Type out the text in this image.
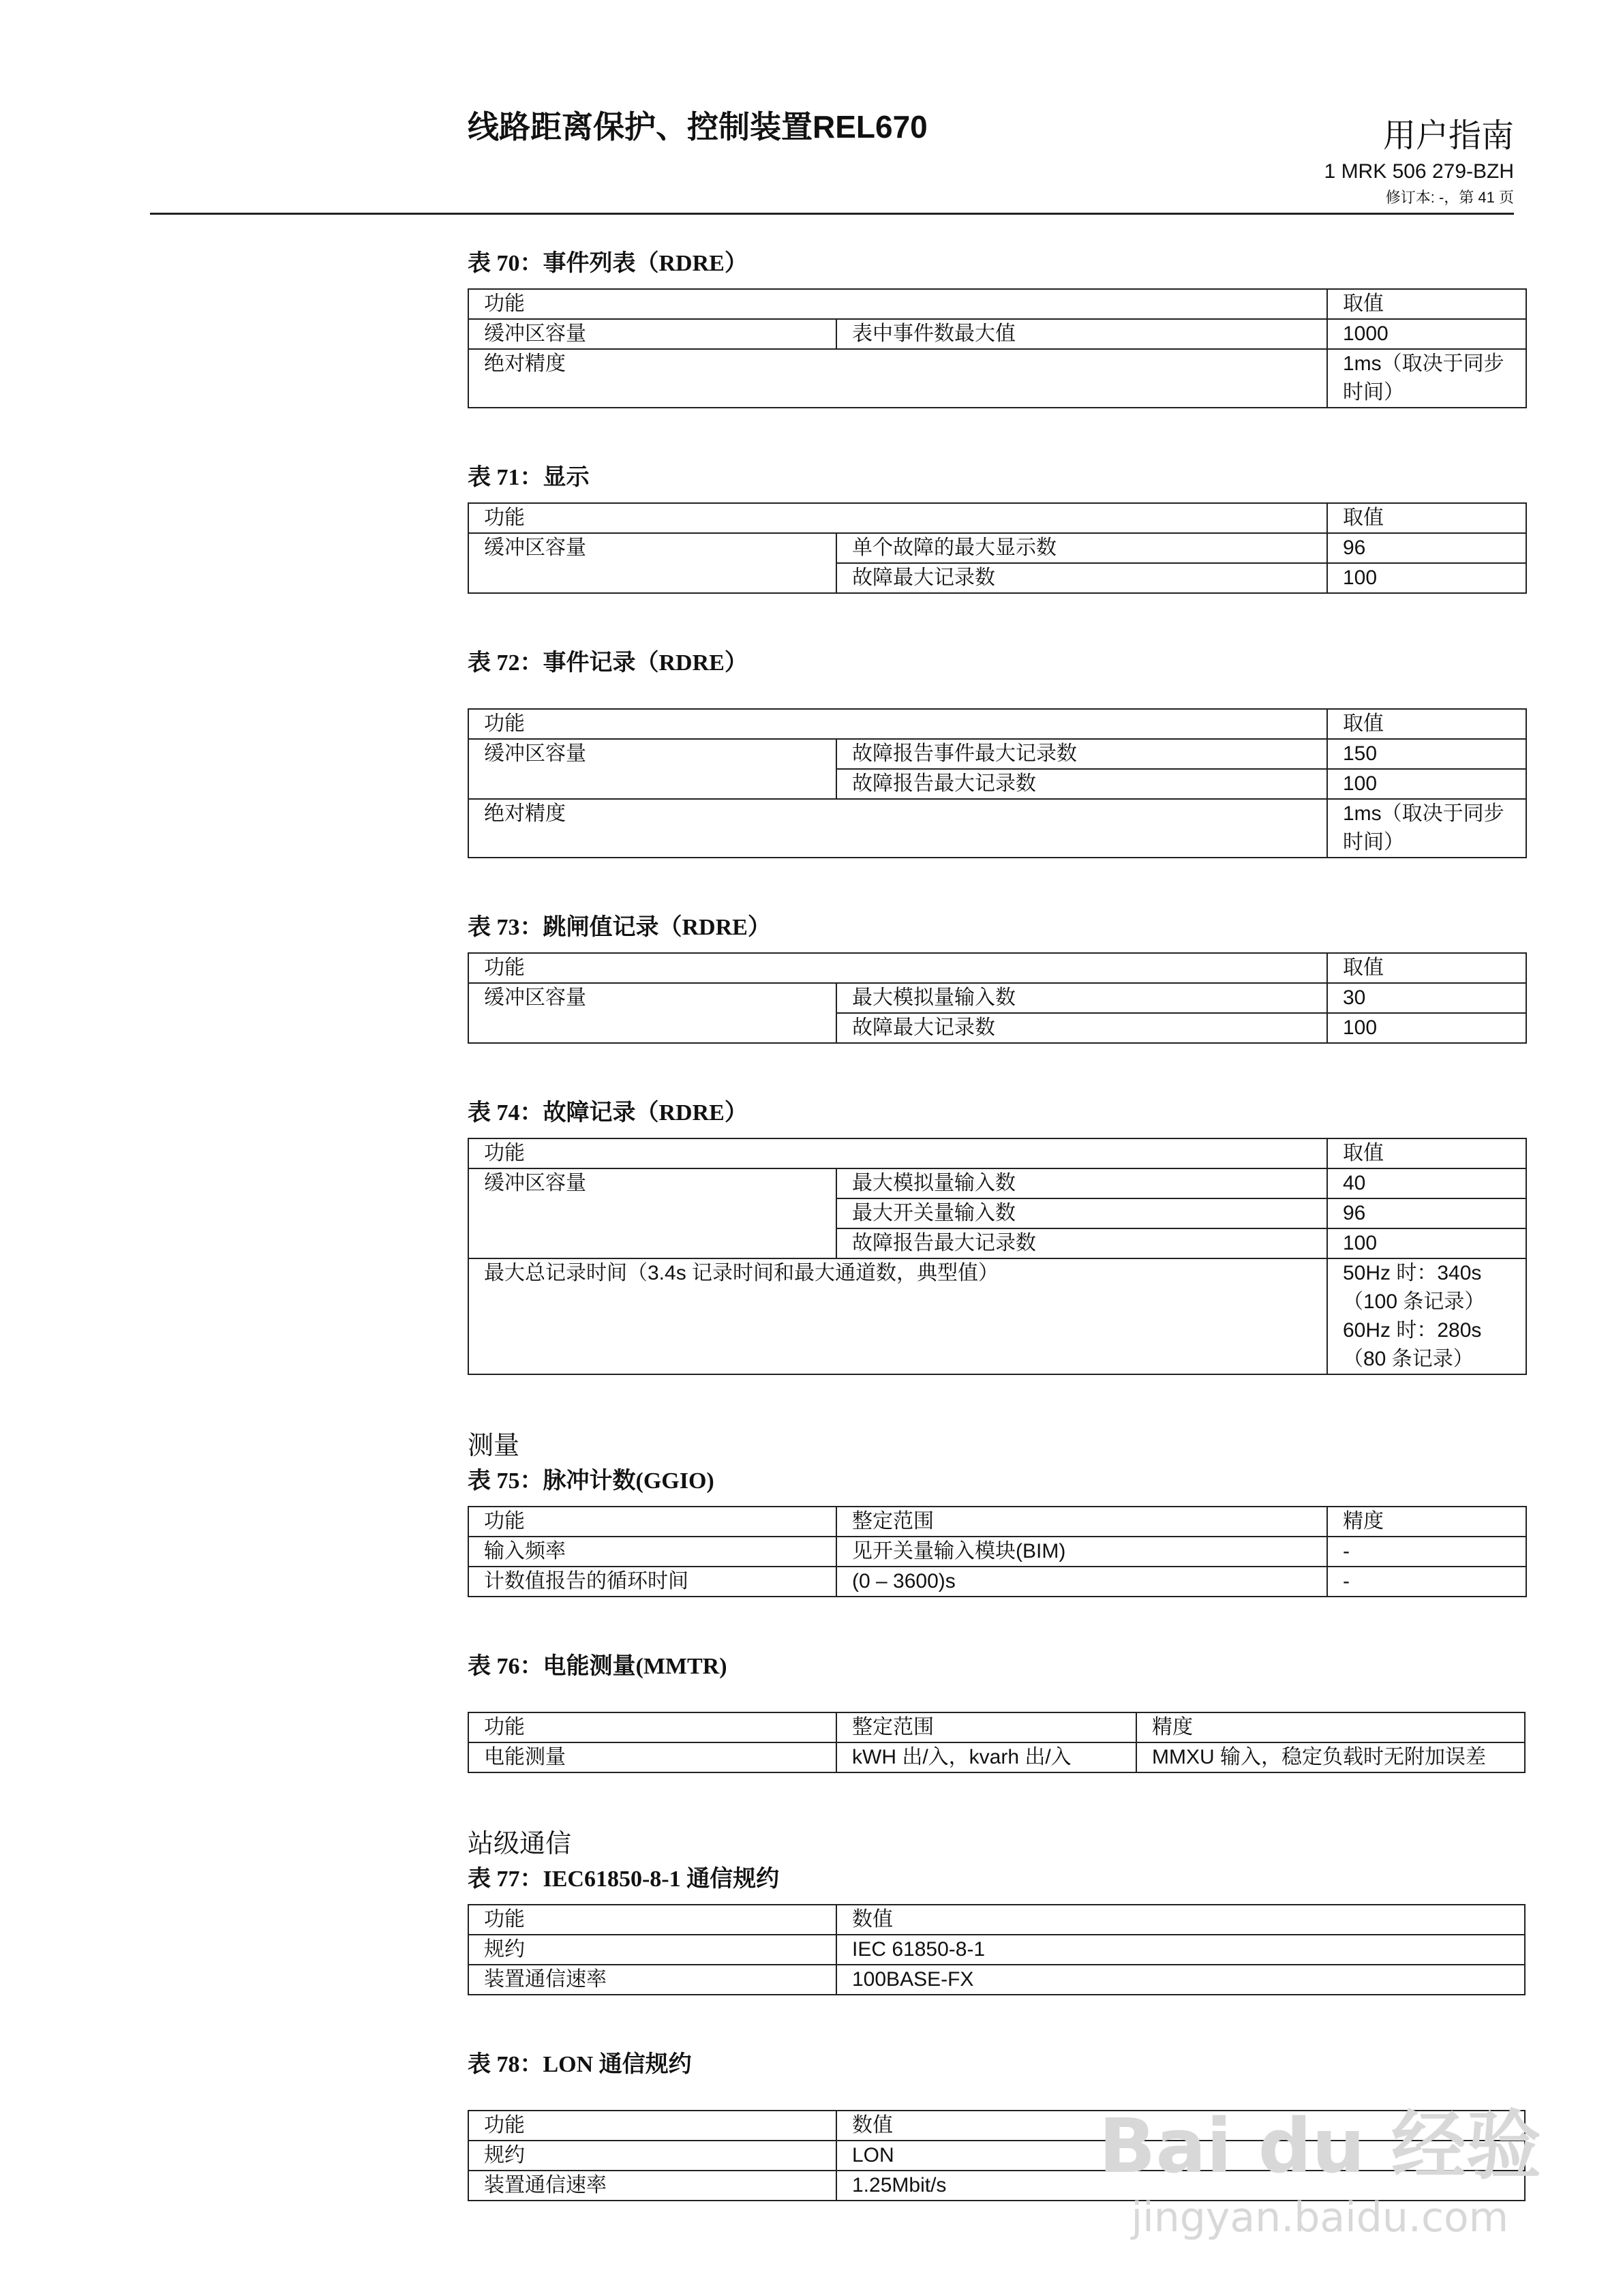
线路距离保护、控制装置REL670	用户指南
1 MRK 506 279-BZH
修订本: -，第 41 页
表 70：事件列表（RDRE）
功能		取值
缓冲区容量	表中事件数最大值	1000
绝对精度		1ms（取决于同步时间）
表 71：显示
功能		取值
缓冲区容量	单个故障的最大显示数	96
	故障最大记录数	100
表 72：事件记录（RDRE）
功能		取值
缓冲区容量	故障报告事件最大记录数	150
	故障报告最大记录数	100
绝对精度		1ms（取决于同步时间）
表 73：跳闸值记录（RDRE）
功能		取值
缓冲区容量	最大模拟量输入数	30
	故障最大记录数	100
表 74：故障记录（RDRE）
功能		取值
缓冲区容量	最大模拟量输入数	40
	最大开关量输入数	96
	故障报告最大记录数	100
最大总记录时间（3.4s 记录时间和最大通道数，典型值）		50Hz 时：340s
（100 条记录）
60Hz 时：280s
（80 条记录）
测量
表 75：脉冲计数(GGIO)
功能	整定范围	精度
输入频率	见开关量输入模块(BIM)	-
计数值报告的循环时间	(0 – 3600)s	-
表 76：电能测量(MMTR)
功能	整定范围	精度
电能测量	kWH 出/入，kvarh 出/入	MMXU 输入，稳定负载时无附加误差
站级通信
表 77：IEC61850-8-1 通信规约
功能	数值
规约	IEC 61850-8-1
装置通信速率	100BASE-FX
表 78：LON 通信规约
功能	数值
规约	LON
装置通信速率	1.25Mbit/s Bai du 经验
jingyan.baidu.com
